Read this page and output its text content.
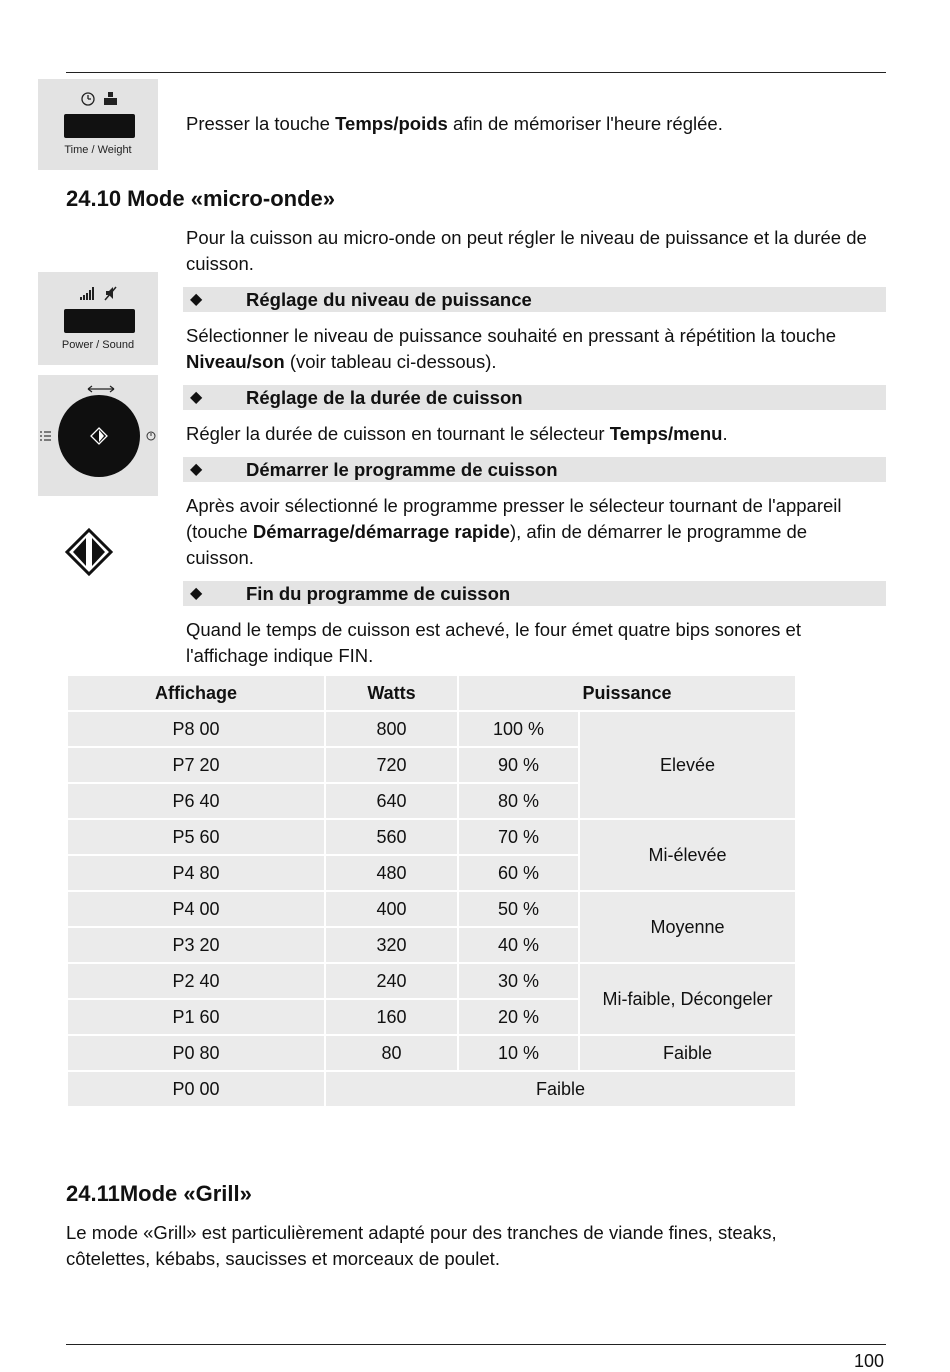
Time / Weight
Presser la touche Temps/poids afin de mémoriser l'heure réglée.
24.10 Mode «micro-onde»
Pour la cuisson au micro-onde on peut régler le niveau de puissance et la durée de cuisson.
Power / Sound
◆ Réglage du niveau de puissance
Sélectionner le niveau de puissance souhaité en pressant à répétition la touche Niveau/son (voir tableau ci-dessous).
◆ Réglage de la durée de cuisson
Régler la durée de cuisson en tournant le sélecteur Temps/menu.
◆ Démarrer le programme de cuisson
Après avoir sélectionné le programme presser le sélecteur tournant de l'appareil (touche Démarrage/démarrage rapide), afin de démarrer le programme de cuisson.
◆ Fin du programme de cuisson
Quand le temps de cuisson est achevé, le four émet quatre bips sonores et l'affichage indique FIN.
Affichage	Watts	Puissance	
P8 00	800	100 %	Elevée
P7 20	720	90 %	
P6 40	640	80 %	
P5 60	560	70 %	Mi-élevée
P4 80	480	60 %	
P4 00	400	50 %	Moyenne
P3 20	320	40 %	
P2 40	240	30 %	Mi-faible, Décongeler
P1 60	160	20 %	
P0 80	80	10 %	Faible
P0 00	Faible		
24.11Mode «Grill»
Le mode «Grill» est particulièrement adapté pour des tranches de viande fines, steaks, côtelettes, kébabs, saucisses et morceaux de poulet.
100
